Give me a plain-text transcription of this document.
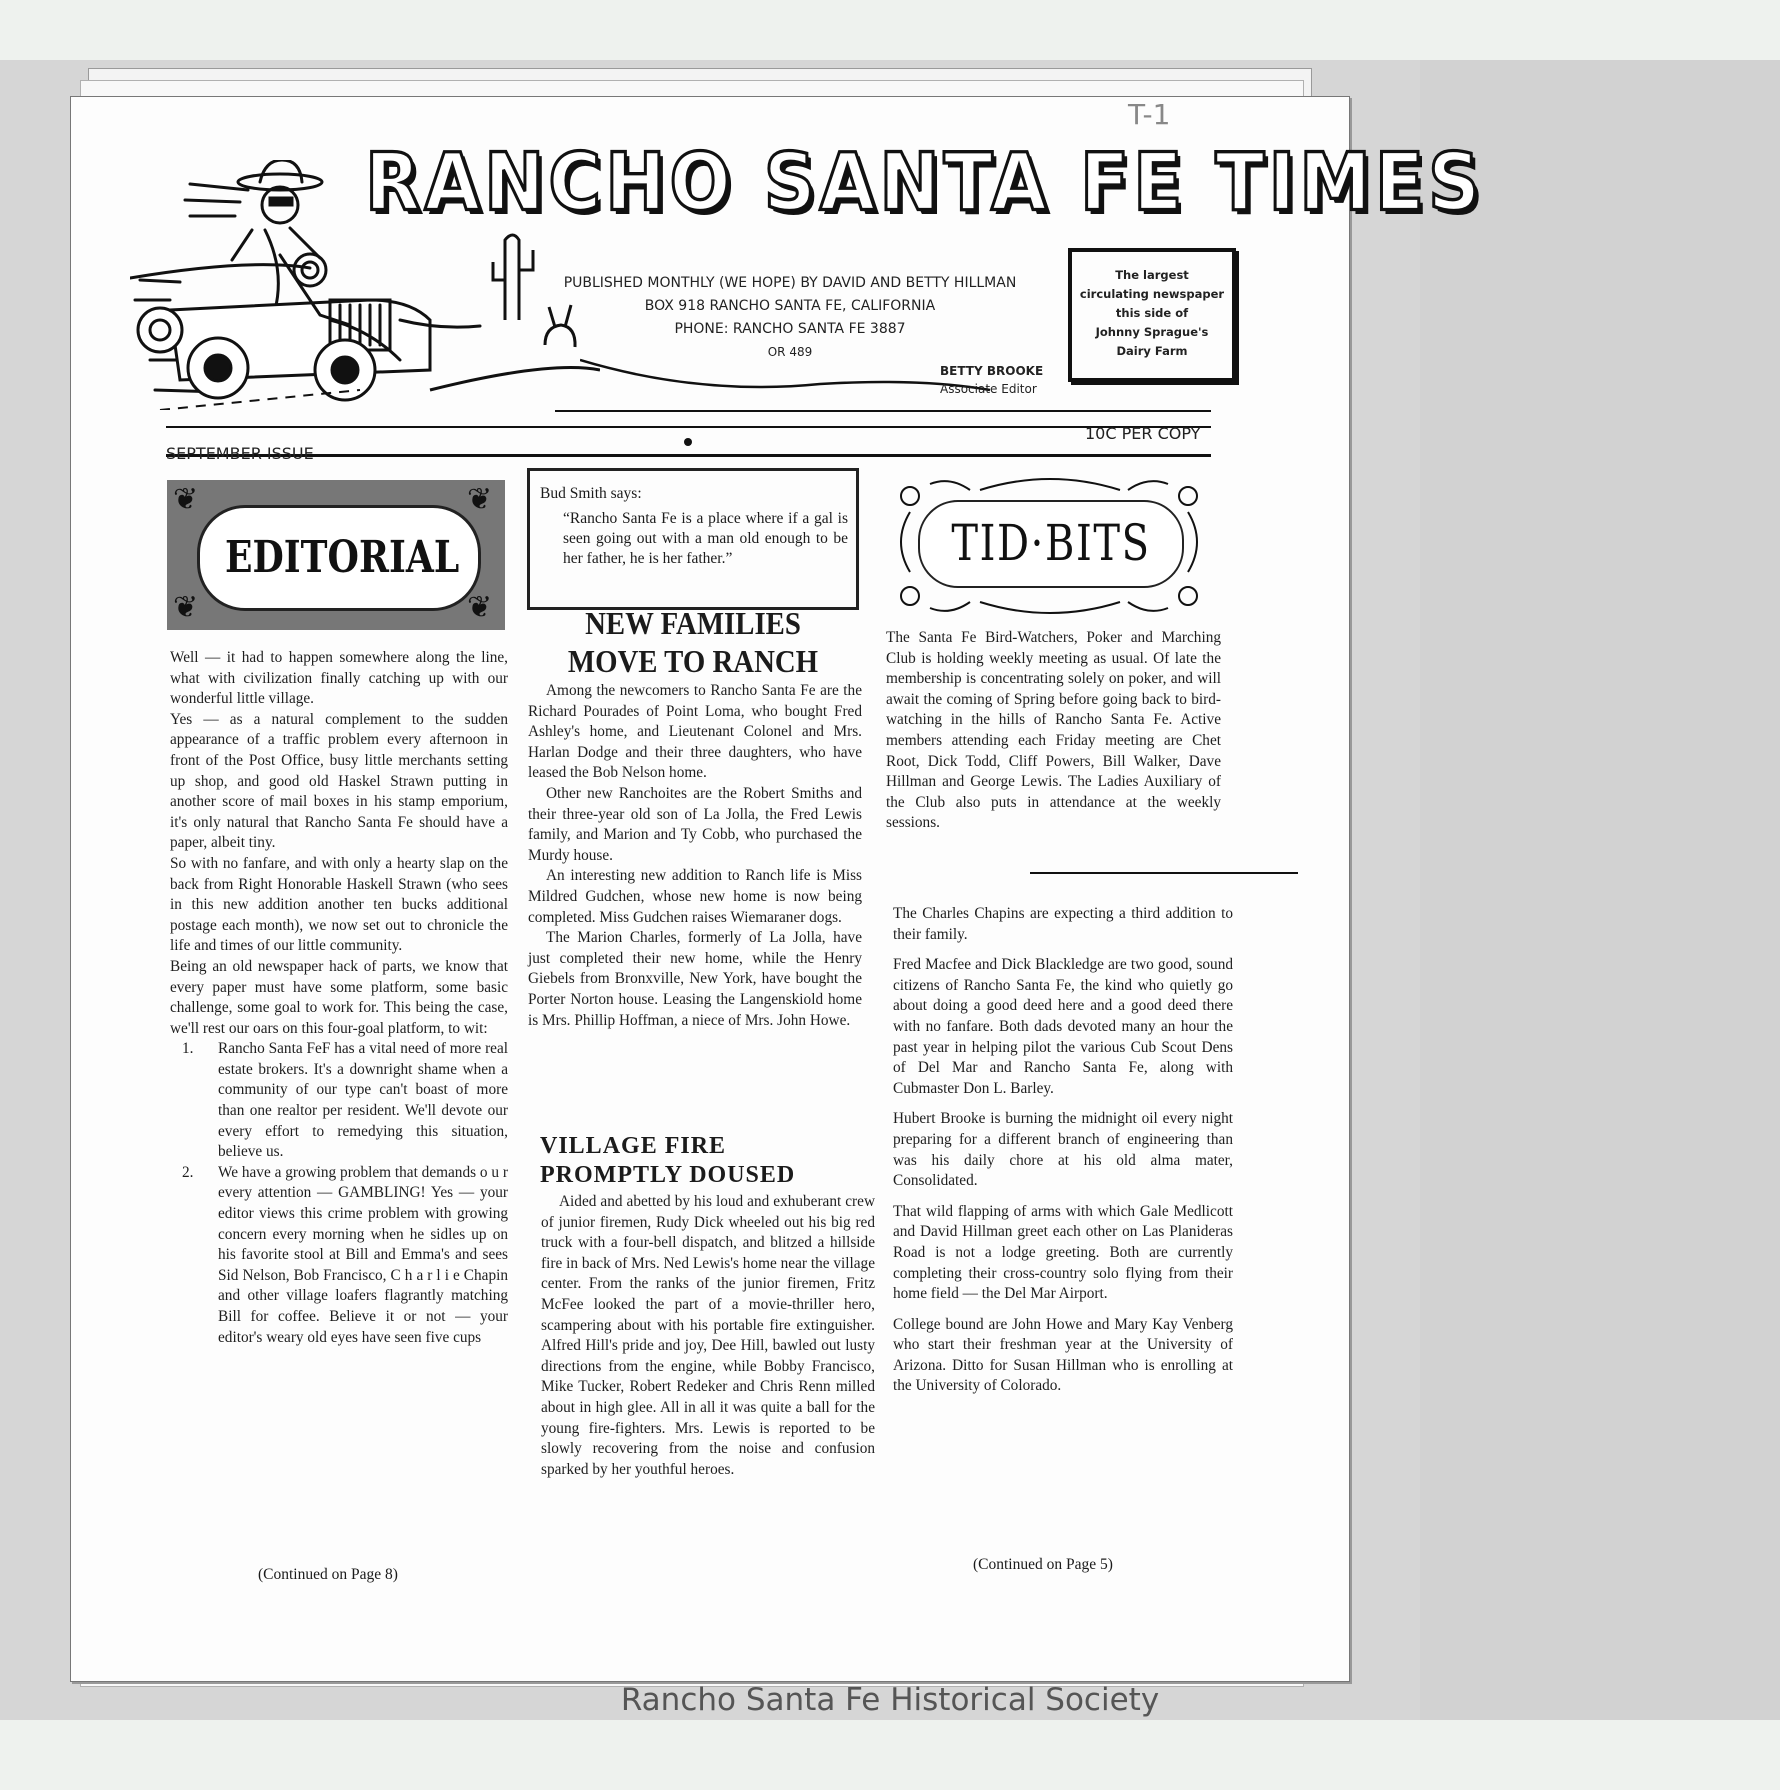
T-1
RANCHO SANTA FE TIMES
PUBLISHED MONTHLY (WE HOPE) BY DAVID AND BETTY HILLMAN
BOX 918 RANCHO SANTA FE, CALIFORNIA
PHONE: RANCHO SANTA FE 3887
OR 489
The largest
circulating newspaper
this side of
Johnny Sprague's
Dairy Farm
BETTY BROOKE
Associate Editor
SEPTEMBER ISSUE
10C PER COPY
❦	❦
❦	❦
EDITORIAL
Bud Smith says:
“Rancho Santa Fe is a place where if a gal is seen going out with a man old enough to be her father, he is her father.”	TID·BITS

Well — it had to happen somewhere along the line, what with civilization finally catching up with our wonderful little village.

Yes — as a natural complement to the sudden appearance of a traffic problem every afternoon in front of the Post Office, busy little merchants setting up shop, and good old Haskel Strawn putting in another score of mail boxes in his stamp emporium, it's only natural that Rancho Santa Fe should have a paper, albeit tiny.

So with no fanfare, and with only a hearty slap on the back from Right Honorable Haskell Strawn (who sees in this new addition another ten bucks additional postage each month), we now set out to chronicle the life and times of our little community.

Being an old newspaper hack of parts, we know that every paper must have some platform, some basic challenge, some goal to work for. This being the case, we'll rest our oars on this four-goal platform, to wit:

1. Rancho Santa FeF has a vital need of more real estate brokers. It's a downright shame when a community of our type can't boast of more than one realtor per resident. We'll devote our every effort to remedying this situation, believe us.
2. We have a growing problem that demands o u r every attention — GAMBLING! Yes — your editor views this crime problem with growing concern every morning when he sidles up on his favorite stool at Bill and Emma's and sees Sid Nelson, Bob Francisco, C h a r l i e Chapin and other village loafers flagrantly matching Bill for coffee. Believe it or not — your editor's weary old eyes have seen five cups
(Continued on Page 8)
NEW FAMILIES
MOVE TO RANCH

Among the newcomers to Rancho Santa Fe are the Richard Pourades of Point Loma, who bought Fred Ashley's home, and Lieutenant Colonel and Mrs. Harlan Dodge and their three daughters, who have leased the Bob Nelson home.

Other new Ranchoites are the Robert Smiths and their three-year old son of La Jolla, the Fred Lewis family, and Marion and Ty Cobb, who purchased the Murdy house.

An interesting new addition to Ranch life is Miss Mildred Gudchen, whose new home is now being completed. Miss Gudchen raises Wiemaraner dogs.

The Marion Charles, formerly of La Jolla, have just completed their new home, while the Henry Giebels from Bronxville, New York, have bought the Porter Norton house. Leasing the Langenskiold home is Mrs. Phillip Hoffman, a niece of Mrs. John Howe.

VILLAGE FIRE
PROMPTLY DOUSED

Aided and abetted by his loud and exhuberant crew of junior firemen, Rudy Dick wheeled out his big red truck with a four-bell dispatch, and blitzed a hillside fire in back of Mrs. Ned Lewis's home near the village center. From the ranks of the junior firemen, Fritz McFee looked the part of a movie-thriller hero, scampering about with his portable fire extinguisher. Alfred Hill's pride and joy, Dee Hill, bawled out lusty directions from the engine, while Bobby Francisco, Mike Tucker, Robert Redeker and Chris Renn milled about in high glee. All in all it was quite a ball for the young fire-fighters. Mrs. Lewis is reported to be slowly recovering from the noise and confusion sparked by her youthful heroes.

The Santa Fe Bird-Watchers, Poker and Marching Club is holding weekly meeting as usual. Of late the membership is concentrating solely on poker, and will await the coming of Spring before going back to bird-watching in the hills of Rancho Santa Fe. Active members attending each Friday meeting are Chet Root, Dick Todd, Cliff Powers, Bill Walker, Dave Hillman and George Lewis. The Ladies Auxiliary of the Club also puts in attendance at the weekly sessions.

The Charles Chapins are expecting a third addition to their family.

Fred Macfee and Dick Blackledge are two good, sound citizens of Rancho Santa Fe, the kind who quietly go about doing a good deed here and a good deed there with no fanfare. Both dads devoted many an hour the past year in helping pilot the various Cub Scout Dens of Del Mar and Rancho Santa Fe, along with Cubmaster Don L. Barley.

Hubert Brooke is burning the midnight oil every night preparing for a different branch of engineering than was his daily chore at his old alma mater, Consolidated.

That wild flapping of arms with which Gale Medlicott and David Hillman greet each other on Las Planideras Road is not a lodge greeting. Both are currently completing their cross-country solo flying from their home field — the Del Mar Airport.

College bound are John Howe and Mary Kay Venberg who start their freshman year at the University of Arizona. Ditto for Susan Hillman who is enrolling at the University of Colorado.

(Continued on Page 5)
Rancho Santa Fe Historical Society
